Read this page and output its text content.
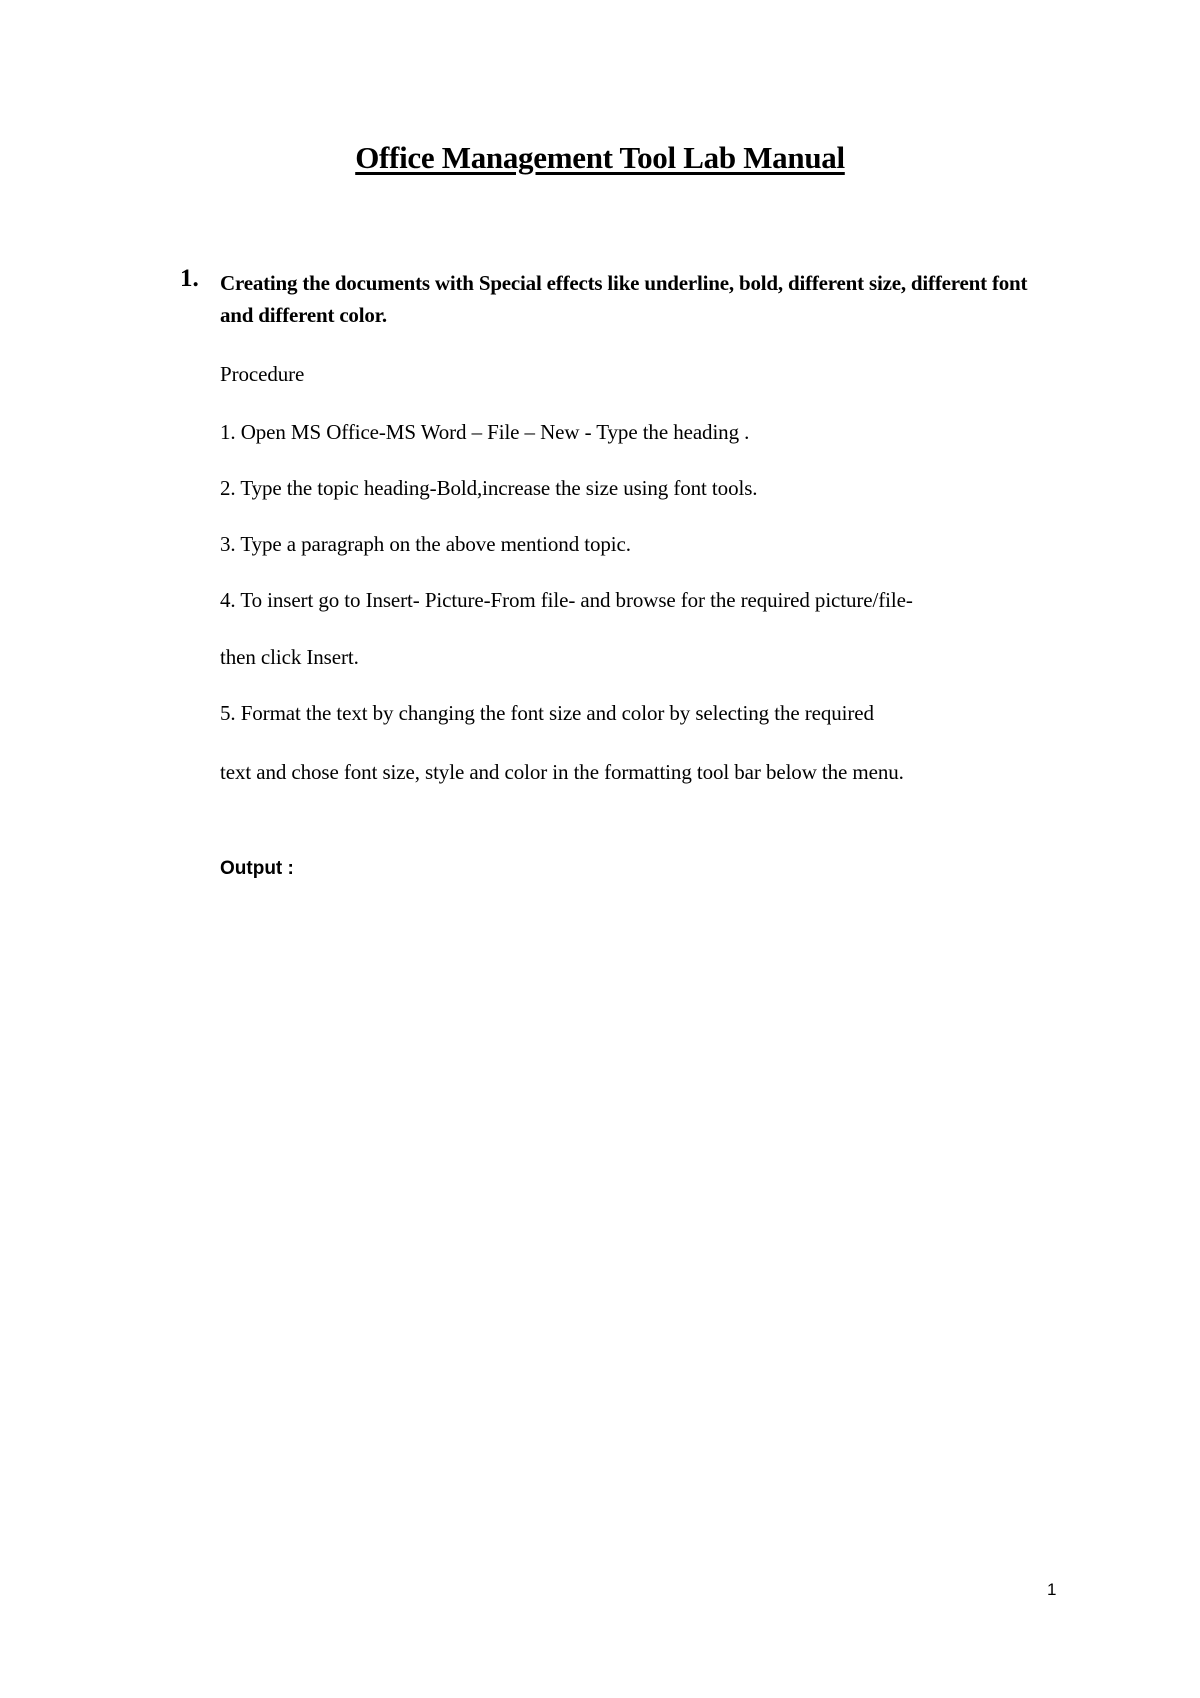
Office Management Tool Lab Manual
1. Creating the documents with Special effects like underline, bold, different size, different font and different color.

Procedure
1. Open MS Office-MS Word – File – New - Type the heading .
2. Type the topic heading-Bold,increase the size using font tools.
3. Type a paragraph on the above mentiond topic.
4. To insert go to Insert- Picture-From file- and browse for the required picture/file-
then click Insert.
5. Format the text by changing the font size and color by selecting the required
text and chose font size, style and color in the formatting tool bar below the menu.
Output :
1
